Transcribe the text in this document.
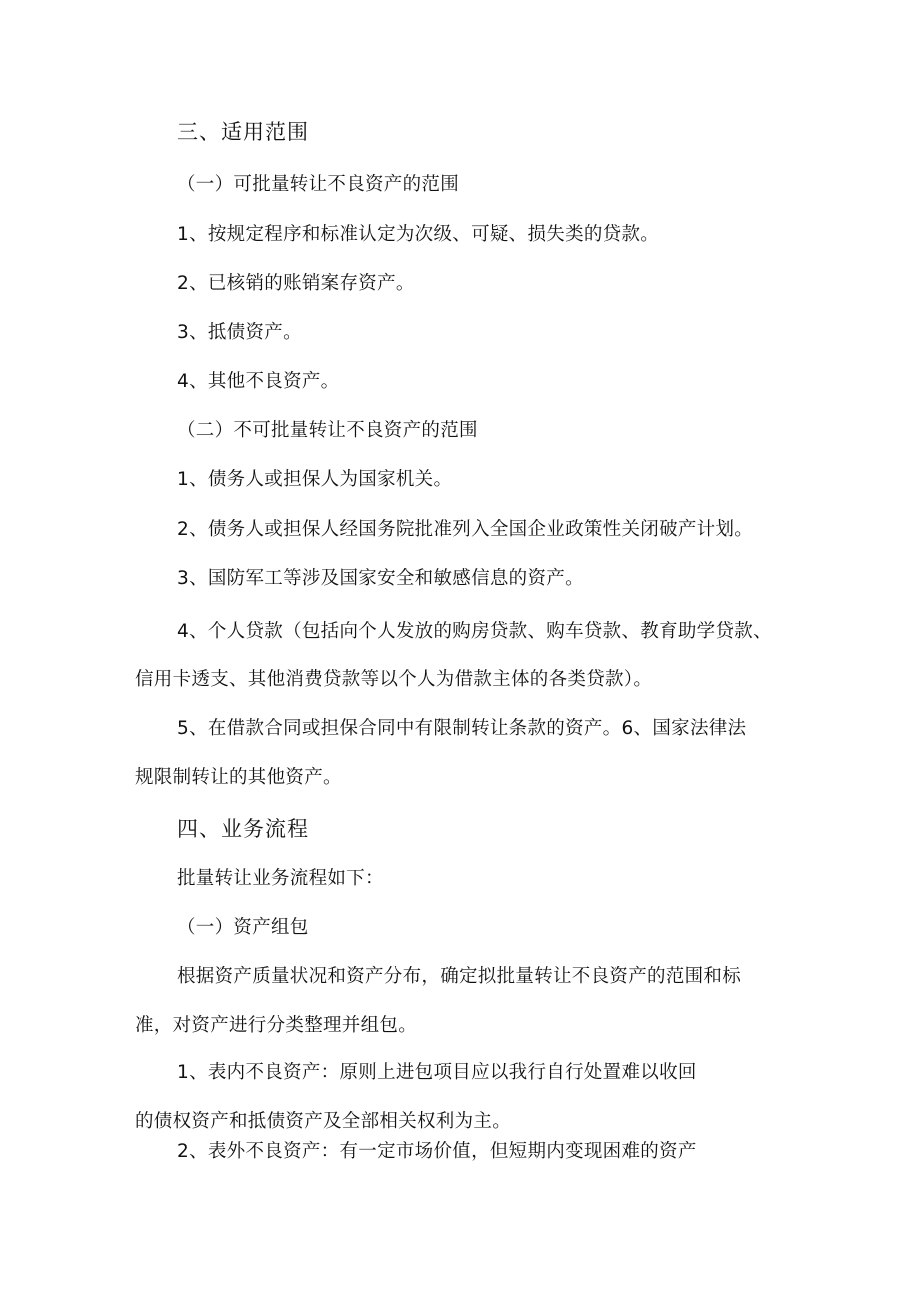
三、适用范围
（一）可批量转让不良资产的范围
1、按规定程序和标准认定为次级、可疑、损失类的贷款。
2、已核销的账销案存资产。
3、抵债资产。
4、其他不良资产。
（二）不可批量转让不良资产的范围
1、债务人或担保人为国家机关。
2、债务人或担保人经国务院批准列入全国企业政策性关闭破产计划。
3、国防军工等涉及国家安全和敏感信息的资产。
4、个人贷款（包括向个人发放的购房贷款、购车贷款、教育助学贷款、
信用卡透支、其他消费贷款等以个人为借款主体的各类贷款）。
5、在借款合同或担保合同中有限制转让条款的资产。6、国家法律法
规限制转让的其他资产。
四、业务流程
批量转让业务流程如下：
（一）资产组包
根据资产质量状况和资产分布，确定拟批量转让不良资产的范围和标
准，对资产进行分类整理并组包。
1、表内不良资产：原则上进包项目应以我行自行处置难以收回
的债权资产和抵债资产及全部相关权利为主。
2、表外不良资产：有一定市场价值，但短期内变现困难的资产
